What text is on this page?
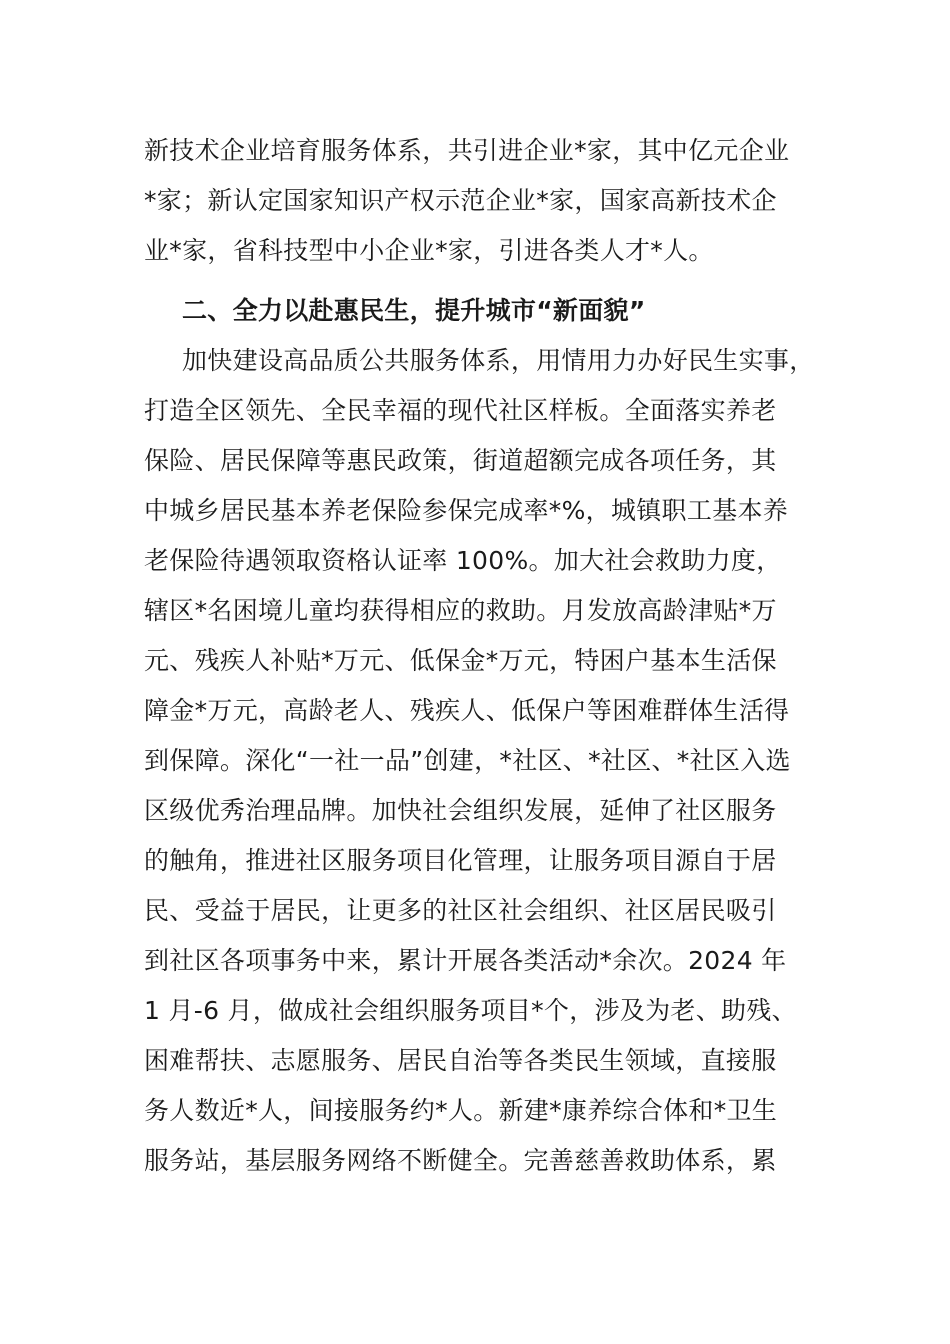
新技术企业培育服务体系，共引进企业*家，其中亿元企业
*家；新认定国家知识产权示范企业*家，国家高新技术企
业*家，省科技型中小企业*家，引进各类人才*人。
二、全力以赴惠民生，提升城市“新面貌”
加快建设高品质公共服务体系，用情用力办好民生实事，
打造全区领先、全民幸福的现代社区样板。全面落实养老
保险、居民保障等惠民政策，街道超额完成各项任务，其
中城乡居民基本养老保险参保完成率*%，城镇职工基本养
老保险待遇领取资格认证率 100%。加大社会救助力度，
辖区*名困境儿童均获得相应的救助。月发放高龄津贴*万
元、残疾人补贴*万元、低保金*万元，特困户基本生活保
障金*万元，高龄老人、残疾人、低保户等困难群体生活得
到保障。深化“一社一品”创建，*社区、*社区、*社区入选
区级优秀治理品牌。加快社会组织发展，延伸了社区服务
的触角，推进社区服务项目化管理，让服务项目源自于居
民、受益于居民，让更多的社区社会组织、社区居民吸引
到社区各项事务中来，累计开展各类活动*余次。2024 年
1 月-6 月，做成社会组织服务项目*个，涉及为老、助残、
困难帮扶、志愿服务、居民自治等各类民生领域，直接服
务人数近*人，间接服务约*人。新建*康养综合体和*卫生
服务站，基层服务网络不断健全。完善慈善救助体系，累
